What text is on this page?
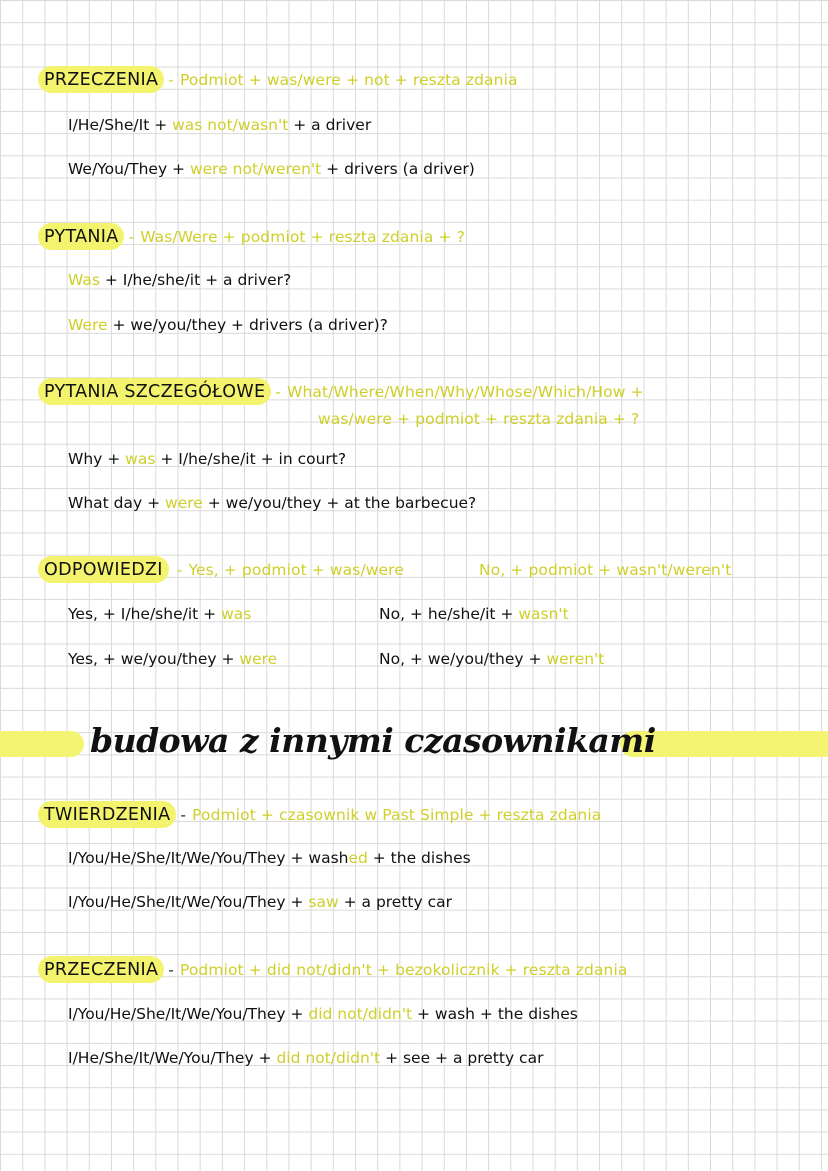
PRZECZENIA - Podmiot + was/were + not + reszta zdania
I/He/She/It + was not/wasn't + a driver
We/You/They + were not/weren't + drivers (a driver)
PYTANIA - Was/Were + podmiot + reszta zdania + ?
Was + I/he/she/it + a driver?
Were + we/you/they + drivers (a driver)?
PYTANIA SZCZEGÓŁOWE - What/Where/When/Why/Whose/Which/How +
was/were + podmiot + reszta zdania + ?
Why + was + I/he/she/it + in court?
What day + were + we/you/they + at the barbecue?
ODPOWIEDZI - Yes, + podmiot + was/were	No, + podmiot + wasn't/weren't
Yes, + I/he/she/it + was
Yes, + we/you/they + were
No, + he/she/it + wasn't
No, + we/you/they + weren't
budowa z innymi czasownikami
TWIERDZENIA - Podmiot + czasownik w Past Simple + reszta zdania
I/You/He/She/It/We/You/They + washed + the dishes
I/You/He/She/It/We/You/They + saw + a pretty car
PRZECZENIA - Podmiot + did not/didn't + bezokolicznik + reszta zdania
I/You/He/She/It/We/You/They + did not/didn't + wash + the dishes
I/He/She/It/We/You/They + did not/didn't + see + a pretty car
